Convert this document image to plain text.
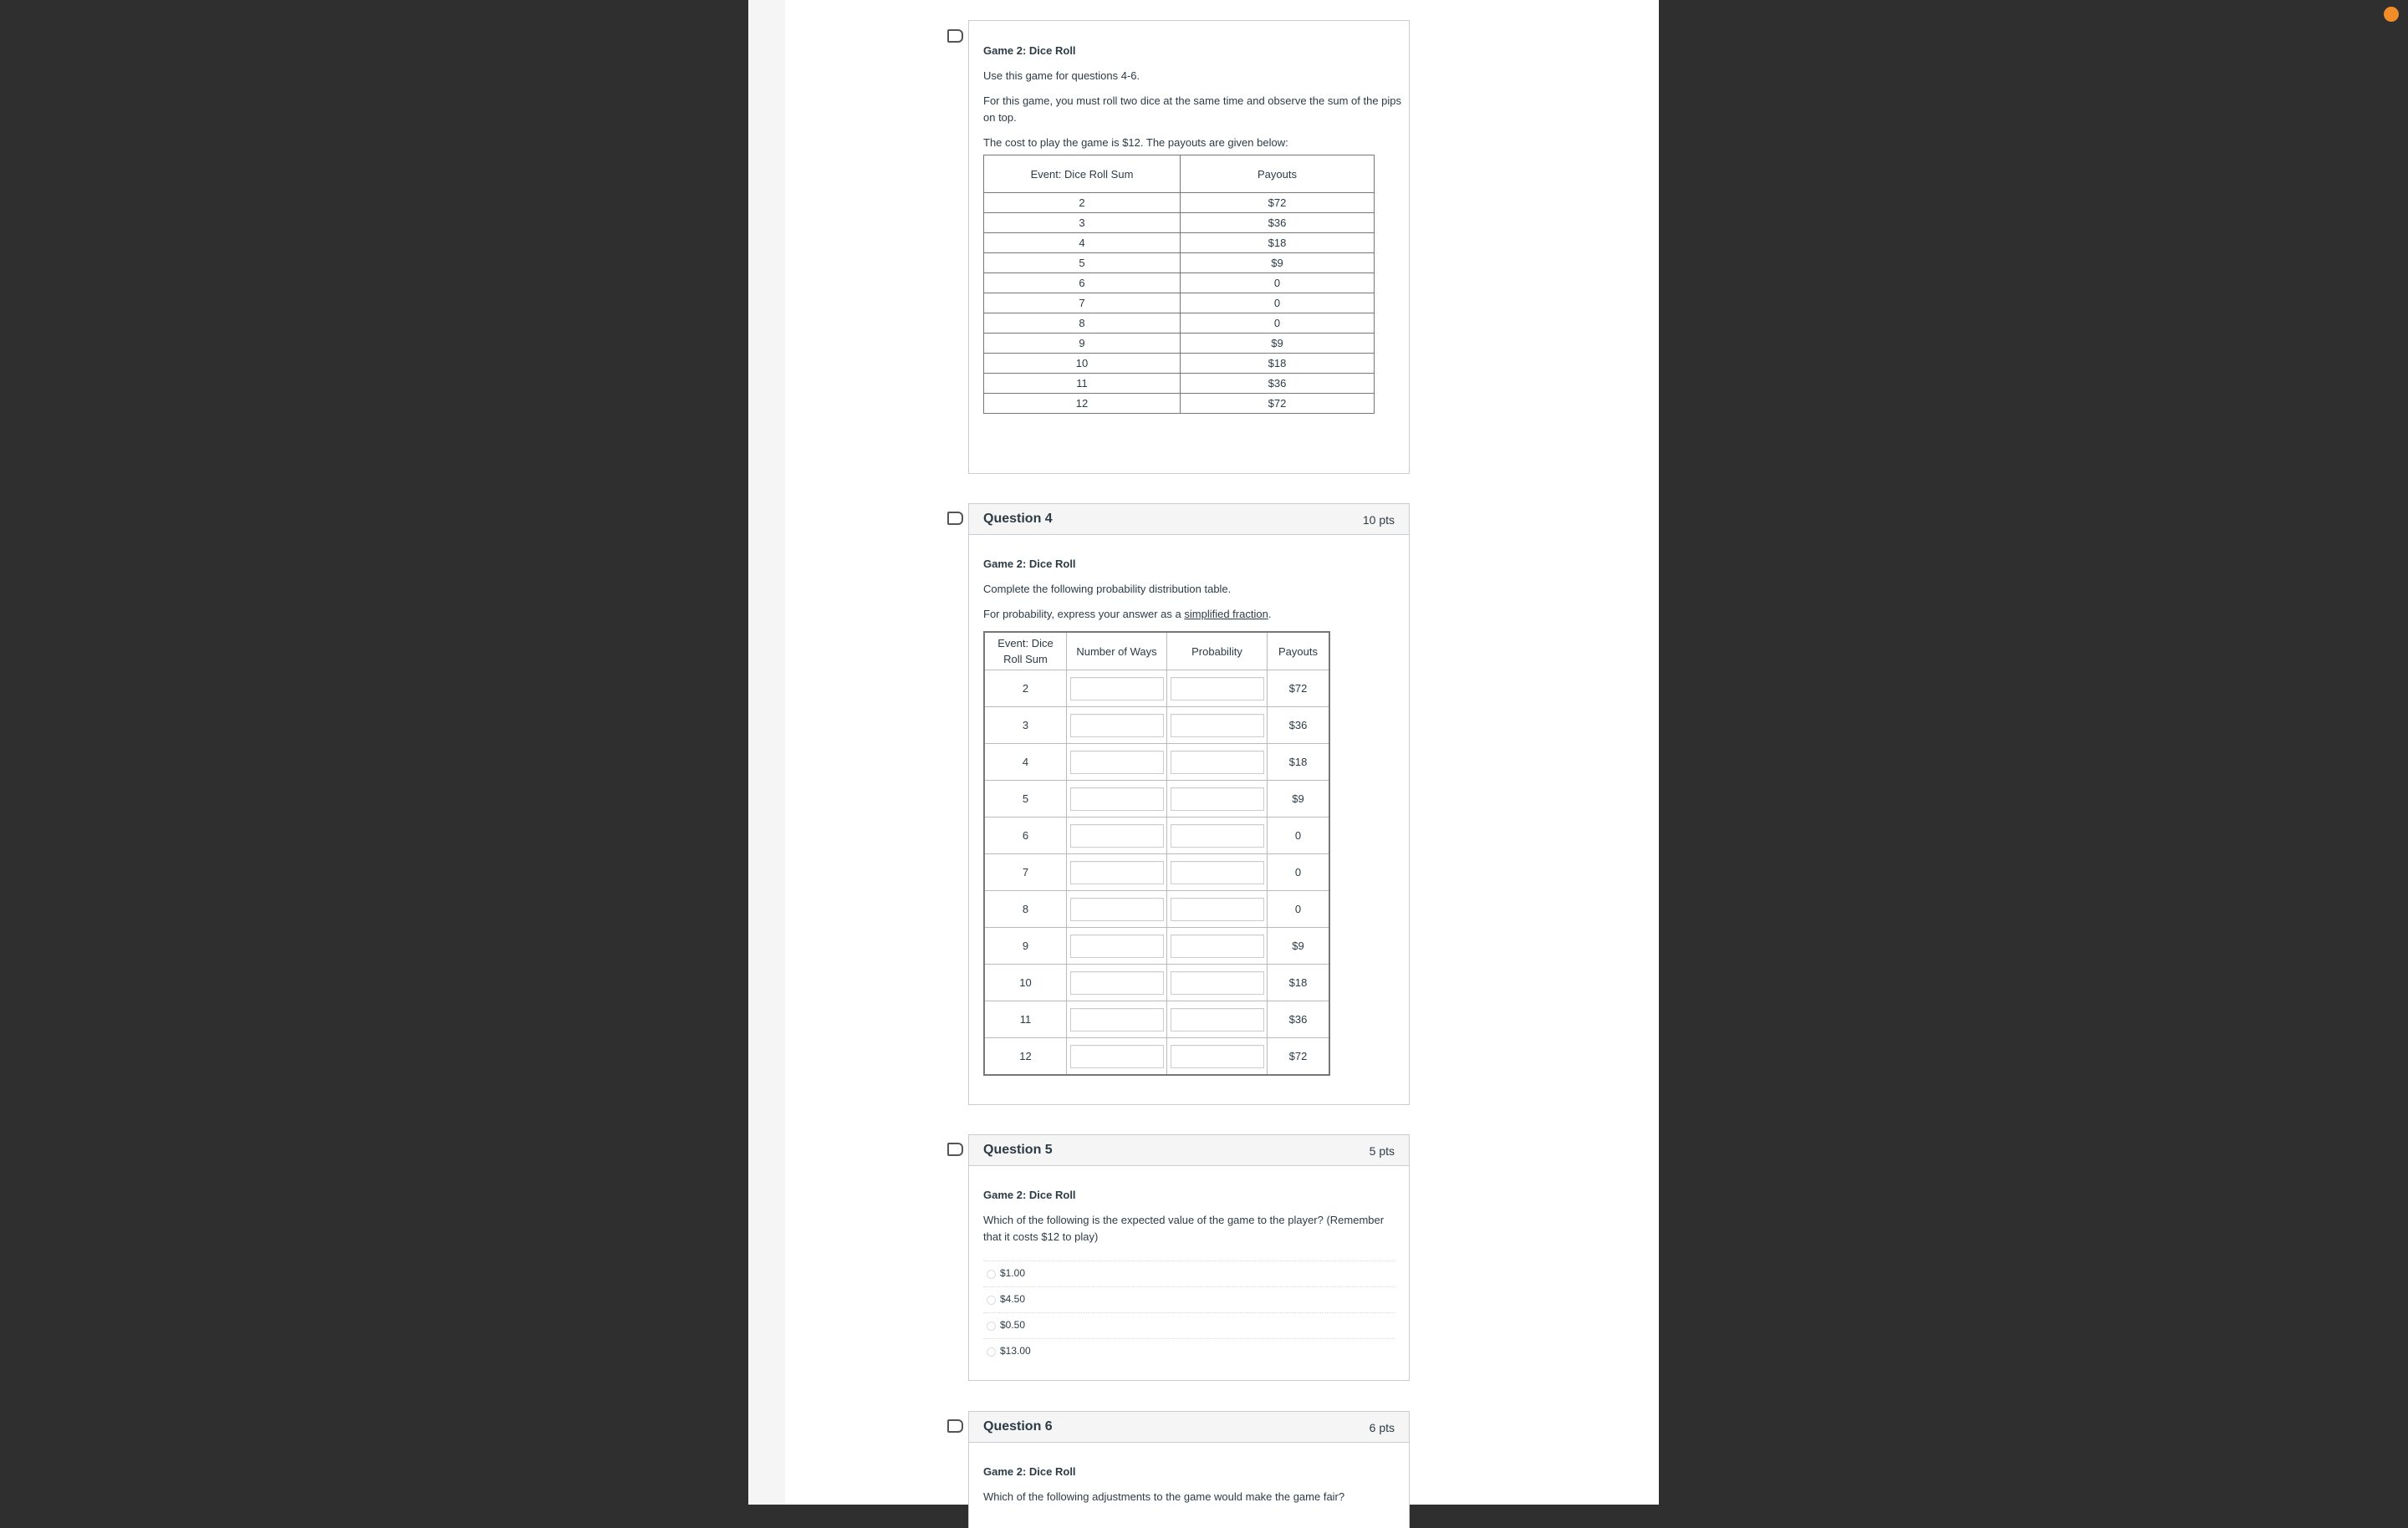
Game 2: Dice Roll
Use this game for questions 4-6.
For this game, you must roll two dice at the same time and observe the sum of the pips on top.
The cost to play the game is $12. The payouts are given below:
Event: Dice Roll Sum	Payouts
2	$72
3	$36
4	$18
5	$9
6	0
7	0
8	0
9	$9
10	$18
11	$36
12	$72
Question 4	10 pts
Game 2: Dice Roll
Complete the following probability distribution table.
For probability, express your answer as a simplified fraction.
Event: Dice Roll Sum	Number of Ways	Probability	Payouts
2			$72
3			$36
4			$18
5			$9
6			0
7			0
8			0
9			$9
10			$18
11			$36
12			$72
Question 5	5 pts
Game 2: Dice Roll
Which of the following is the expected value of the game to the player? (Remember that it costs $12 to play)
$1.00
$4.50
$0.50
$13.00
Question 6	6 pts
Game 2: Dice Roll
Which of the following adjustments to the game would make the game fair?
